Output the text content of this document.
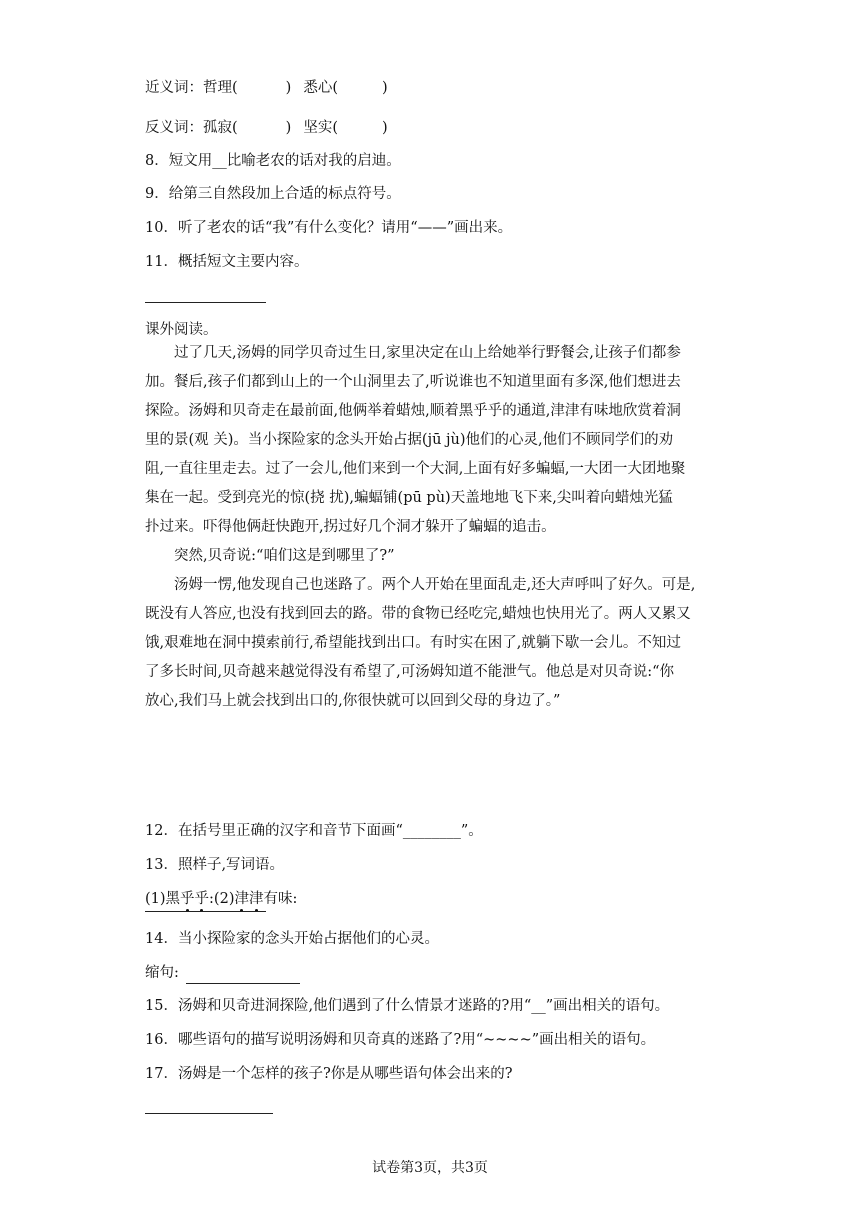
近义词：哲理(	) 悉心(	)
反义词：孤寂(	) 坚实(	)
8．短文用__比喻老农的话对我的启迪。
9．给第三自然段加上合适的标点符号。
10．听了老农的话“我”有什么变化？请用“——”画出来。
11．概括短文主要内容。
课外阅读。
过了几天,汤姆的同学贝奇过生日,家里决定在山上给她举行野餐会,让孩子们都参
加。餐后,孩子们都到山上的一个山洞里去了,听说谁也不知道里面有多深,他们想进去
探险。汤姆和贝奇走在最前面,他俩举着蜡烛,顺着黑乎乎的通道,津津有味地欣赏着洞
里的景(观 关)。当小探险家的念头开始占据(jū jù)他们的心灵,他们不顾同学们的劝
阻,一直往里走去。过了一会儿,他们来到一个大洞,上面有好多蝙蝠,一大团一大团地聚
集在一起。受到亮光的惊(挠 扰),蝙蝠铺(pū pù)天盖地地飞下来,尖叫着向蜡烛光猛
扑过来。吓得他俩赶快跑开,拐过好几个洞才躲开了蝙蝠的追击。
突然,贝奇说:“咱们这是到哪里了?”
汤姆一愣,他发现自己也迷路了。两个人开始在里面乱走,还大声呼叫了好久。可是,
既没有人答应,也没有找到回去的路。带的食物已经吃完,蜡烛也快用光了。两人又累又
饿,艰难地在洞中摸索前行,希望能找到出口。有时实在困了,就躺下歇一会儿。不知过
了多长时间,贝奇越来越觉得没有希望了,可汤姆知道不能泄气。他总是对贝奇说:“你
放心,我们马上就会找到出口的,你很快就可以回到父母的身边了。”
12．在括号里正确的汉字和音节下面画“________”。
13．照样子,写词语。
(1)黑乎乎:(2)津津有味:
14．当小探险家的念头开始占据他们的心灵。
缩句:
15．汤姆和贝奇进洞探险,他们遇到了什么情景才迷路的?用“__”画出相关的语句。
16．哪些语句的描写说明汤姆和贝奇真的迷路了?用“~~~~”画出相关的语句。
17．汤姆是一个怎样的孩子?你是从哪些语句体会出来的?
试卷第3页，共3页
